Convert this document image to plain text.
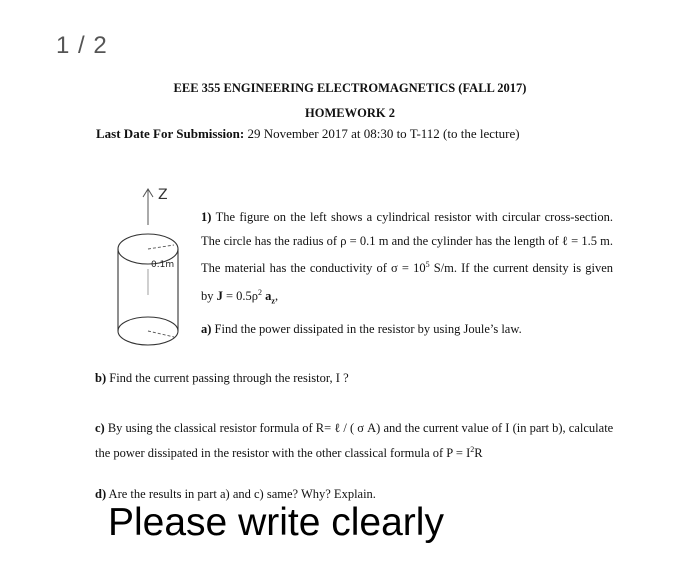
1 / 2
EEE 355 ENGINEERING ELECTROMAGNETICS (FALL 2017)
HOMEWORK 2
Last Date For Submission: 29 November 2017 at 08:30 to T-112 (to the lecture)
Z
0.1m
1) The figure on the left shows a cylindrical resistor with circular cross-section. The circle has the radius of ρ = 0.1 m and the cylinder has the length of ℓ = 1.5 m. The material has the conductivity of $\sigma = 10^5$ S/m. If the current density is given by $J = 0.5\rho^2$ $a_z$,
a) Find the power dissipated in the resistor by using Joule’s law.
b) Find the current passing through the resistor, I ?
c) By using the classical resistor formula of R= ℓ / ( σ A) and the current value of I (in part b), calculate the power dissipated in the resistor with the other classical formula of $P = I^2R$
d) Are the results in part a) and c) same? Why? Explain.
Please write clearly
